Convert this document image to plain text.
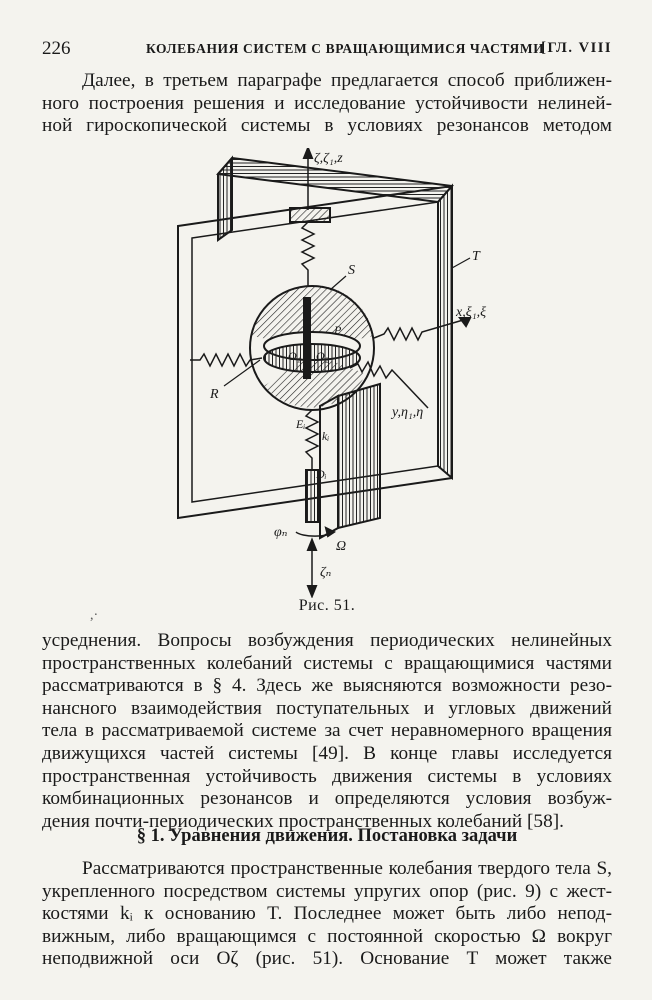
226	КОЛЕБАНИЯ СИСТЕМ С ВРАЩАЮЩИМИСЯ ЧАСТЯМИ
[ГЛ. VIII

Далее, в третьем параграфе предлагается способ приближен-
ного построения решения и исследование устойчивости нелиней-
ной гироскопической системы в условиях резонансов методом

ζ,ζ₁,z
x,ξ₁,ξ
y,η₁,η
T
S
P
O₁ O₂
R
Eᵢ
kᵢ
Dᵢ
φₙ
Ω
ζₙ
Рис. 51.
,·

усреднения. Вопросы возбуждения периодических нелинейных
пространственных колебаний системы с вращающимися частями
рассматриваются в § 4. Здесь же выясняются возможности резо-
нансного взаимодействия поступательных и угловых движений
тела в рассматриваемой системе за счет неравномерного вращения
движущихся частей системы [49]. В конце главы исследуется
пространственная устойчивость движения системы в условиях
комбинационных резонансов и определяются условия возбуж-
дения почти-периодических пространственных колебаний [58].

§ 1. Уравнения движения. Постановка задачи

Рассматриваются пространственные колебания твердого тела S,
укрепленного посредством системы упругих опор (рис. 9) с жест-
костями kᵢ к основанию T. Последнее может быть либо непод-
вижным, либо вращающимся с постоянной скоростью Ω вокруг
неподвижной оси Oζ (рис. 51). Основание T может также
